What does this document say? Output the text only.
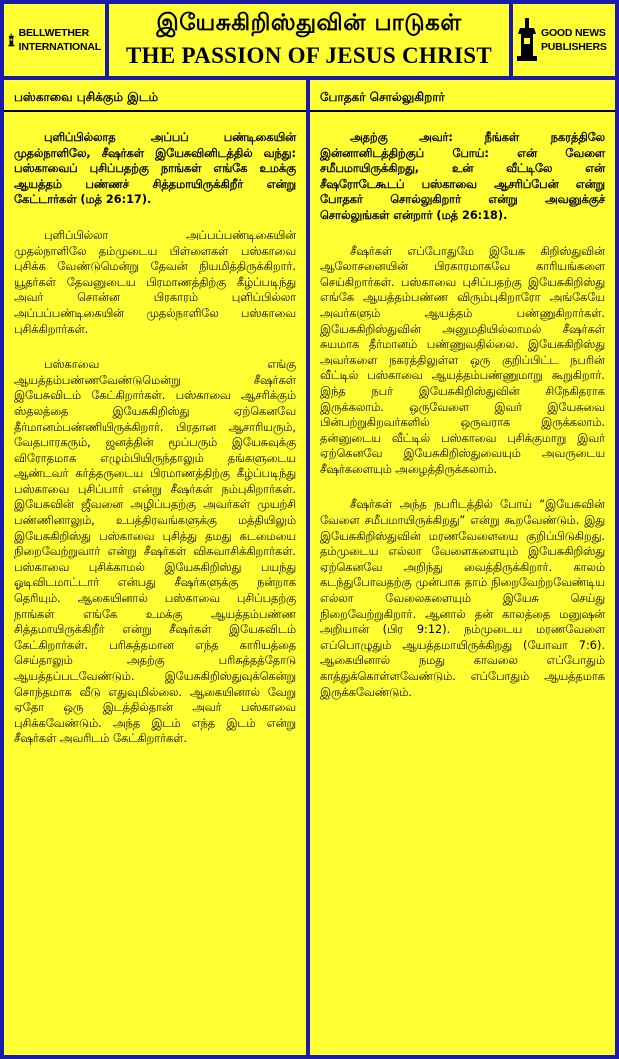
BELLWETHER
INTERNATIONAL
இயேசுகிறிஸ்துவின் பாடுகள்
THE PASSION OF JESUS CHRIST
GOOD NEWS
PUBLISHERS
பஸ்காவை புசிக்கும் இடம்

புளிப்பில்லாத அப்பப் பண்டிகையின் முதல்நாளிலே, சீஷர்கள் இயேசுவினிடத்தில் வந்து: பஸ்காவைப் புசிப்பதற்கு நாங்கள் எங்கே உமக்கு ஆயத்தம் பண்ணச் சித்தமாயிருக்கிறீர் என்று கேட்டார்கள் (மத் 26:17).

புளிப்பில்லா அப்பப்பண்டிகையின் முதல்நாளிலே தம்முடைய பிள்ளைகள் பஸ்காவை புசிக்க வேண்டுமென்று தேவன் நியமித்திருக்கிறார். யூதர்கள் தேவனுடைய பிரமாணத்திற்கு கீழ்ப்படிந்து அவர் சொன்ன பிரகாரம் புளிப்பில்லா அப்பப்பண்டிகையின் முதல்நாளிலே பஸ்காவை புசிக்கிறார்கள்.

பஸ்காவை எங்கு ஆயத்தம்பண்ணவேண்டுமென்று சீஷர்கள் இயேசுவிடம் கேட்கிறார்கள். பஸ்காவை ஆசரிக்கும் ஸ்தலத்தை இயேசுகிறிஸ்து ஏற்கெனவே தீர்மானம்பண்ணியிருக்கிறார். பிரதான ஆசாரியரும், வேதபாரகரும், ஜனத்தின் மூப்பரும் இயேசுவுக்கு விரோதமாக எழும்பியிருந்தாலும் தங்களுடைய ஆண்டவர் கர்த்தருடைய பிரமாணத்திற்கு கீழ்ப்படிந்து பஸ்காவை புசிப்பார் என்று சீஷர்கள் நம்புகிறார்கள். இயேசுவின் ஜீவனை அழிப்பதற்கு அவர்கள் முயற்சி பண்ணினாலும், உபத்திரவங்களுக்கு மத்தியிலும் இயேசுகிறிஸ்து பஸ்காவை புசித்து தமது கடமையை நிறைவேற்றுவார் என்று சீஷர்கள் விசுவாசிக்கிறார்கள். பஸ்காவை புசிக்காமல் இயேசுகிறிஸ்து பயந்து ஓடிவிடமாட்டார் என்பது சீஷர்களுக்கு நன்றாக தெரியும். ஆகையினால் பஸ்காவை புசிப்பதற்கு நாங்கள் எங்கே உமக்கு ஆயத்தம்பண்ண சித்தமாயிருக்கிறீர் என்று சீஷர்கள் இயேசுவிடம் கேட்கிறார்கள். பரிசுத்தமான எந்த காரியத்தை செய்தாலும் அதற்கு பரிசுத்தத்தோடு ஆயத்தப்படவேண்டும். இயேசுகிறிஸ்துவுக்கென்று சொந்தமாக வீடு எதுவுமில்லை. ஆகையினால் வேறு ஏதோ ஒரு இடத்தில்தான் அவர் பஸ்காவை புசிக்கவேண்டும். அந்த இடம் எந்த இடம் என்று சீஷர்கள் அவரிடம் கேட்கிறார்கள்.

போதகர் சொல்லுகிறார்

அதற்கு அவர்: நீங்கள் நகரத்திலே இன்னானிடத்திற்குப் போய்: என் வேளை சமீபமாயிருக்கிறது, உன் வீட்டிலே என் சீஷரோடேகூடப் பஸ்காவை ஆசரிப்பேன் என்று போதகர் சொல்லுகிறார் என்று அவனுக்குச் சொல்லுங்கள் என்றார் (மத் 26:18).

சீஷர்கள் எப்போதுமே இயேசு கிறிஸ்துவின் ஆலோசனையின் பிரகாரமாகவே காரியங்களை செய்கிறார்கள். பஸ்காவை புசிப்பதற்கு இயேசுகிறிஸ்து எங்கே ஆயத்தம்பண்ண விரும்புகிறாரோ அங்கேயே அவர்களும் ஆயத்தம் பண்ணுகிறார்கள். இயேசுகிறிஸ்துவின் அனுமதியில்லாமல் சீஷர்கள் சுயமாக தீர்மானம் பண்ணுவதில்லை. இயேசுகிறிஸ்து அவர்களை நகரத்திலுள்ள ஒரு குறிப்பிட்ட நபரின் வீட்டில் பஸ்காவை ஆயத்தம்பண்ணுமாறு கூறுகிறார். இந்த நபர் இயேசுகிறிஸ்துவின் சிநேகிதராக இருக்கலாம். ஒருவேளை இவர் இயேசுவை பின்பற்றுகிறவர்களில் ஒருவராக இருக்கலாம். தன்னுடைய வீட்டில் பஸ்காவை புசிக்குமாறு இவர் ஏற்கெனவே இயேசுகிறிஸ்துவையும் அவருடைய சீஷர்களையும் அழைத்திருக்கலாம்.

சீஷர்கள் அந்த நபரிடத்தில் போய் “இயேசுவின் வேளை சமீபமாயிருக்கிறது” என்று கூறவேண்டும். இது இயேசுகிறிஸ்துவின் மரணவேளையை குறிப்பிடுகிறது. தம்முடைய எல்லா வேளைகளையும் இயேசுகிறிஸ்து ஏற்கெனவே அறிந்து வைத்திருக்கிறார். காலம் கடந்துபோவதற்கு முன்பாக தாம் நிறைவேற்றவேண்டிய எல்லா வேலைகளையும் இயேசு செய்து நிறைவேற்றுகிறார். ஆனால் தன் காலத்தை மனுஷன் அறியான் (பிர 9:12). நம்முடைய மரணவேளை எப்பொழுதும் ஆயத்தமாயிருக்கிறது (யோவா 7:6). ஆகையினால் நமது காவலை எப்போதும் காத்துக்கொள்ளவேண்டும். எப்போதும் ஆயத்தமாக இருக்கவேண்டும்.
